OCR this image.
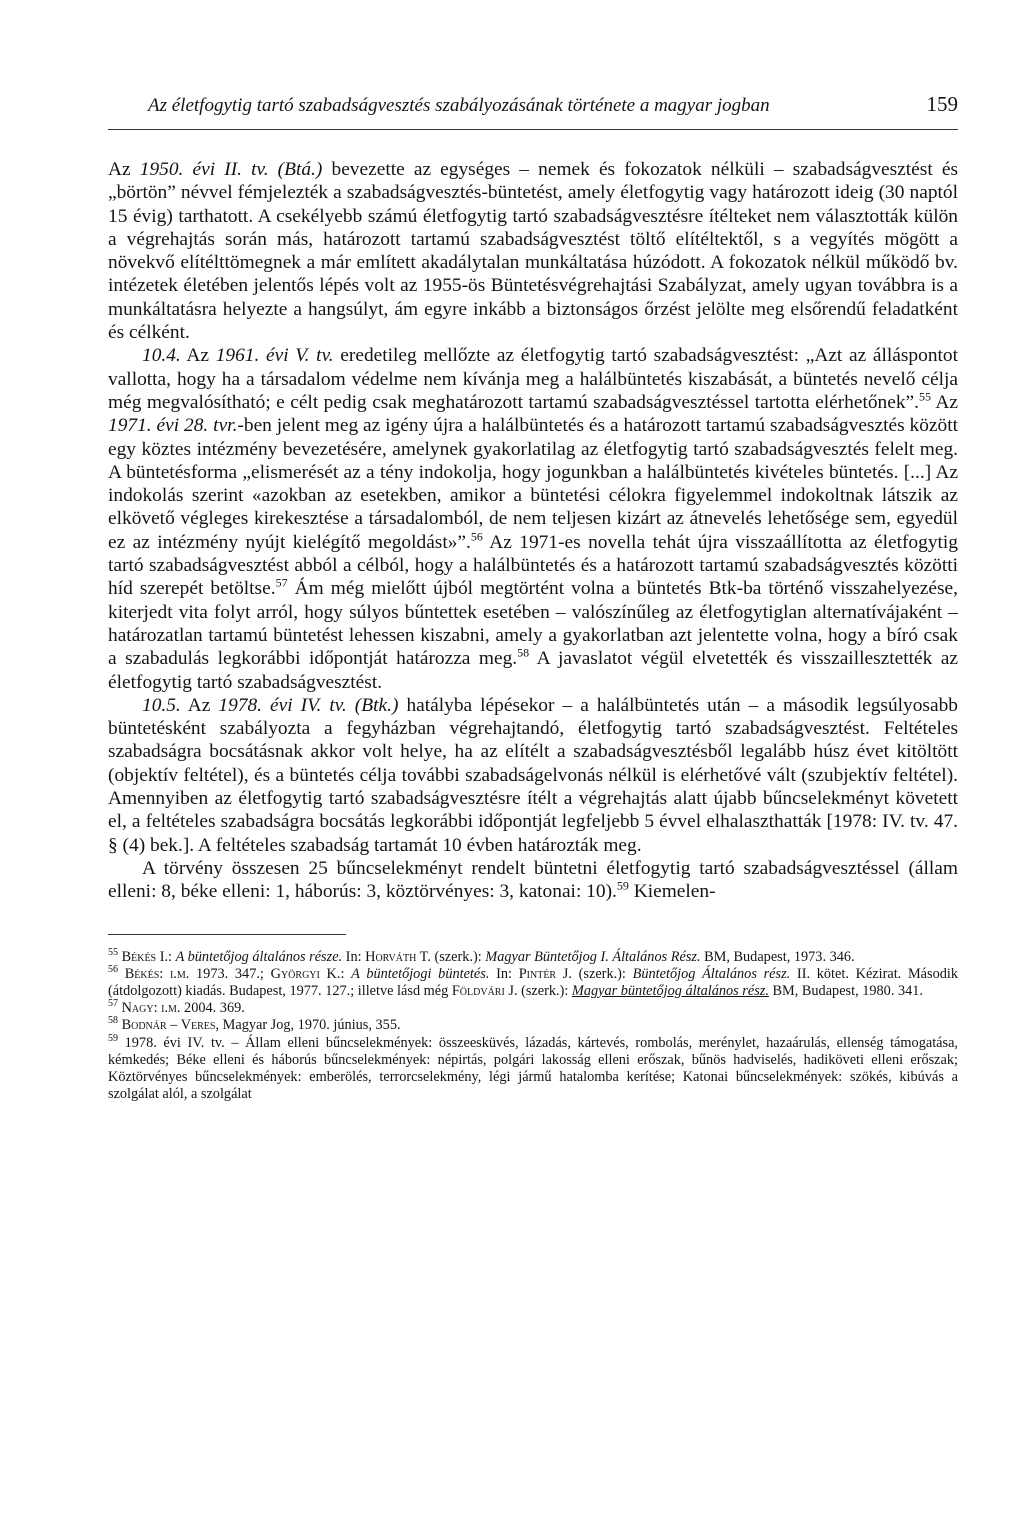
Az életfogytig tartó szabadságvesztés szabályozásának története a magyar jogban	159

Az 1950. évi II. tv. (Btá.) bevezette az egységes – nemek és fokozatok nélküli – szabadságvesztést és „börtön” névvel fémjelezték a szabadságvesztés-büntetést, amely életfogytig vagy határozott ideig (30 naptól 15 évig) tarthatott. A csekélyebb számú életfogytig tartó szabadságvesztésre ítélteket nem választották külön a végrehajtás során más, határozott tartamú szabadságvesztést töltő elítéltektől, s a vegyítés mögött a növekvő elítélttömegnek a már említett akadálytalan munkáltatása húzódott. A fokozatok nélkül működő bv. intézetek életében jelentős lépés volt az 1955-ös Büntetésvégrehajtási Szabályzat, amely ugyan továbbra is a munkáltatásra helyezte a hangsúlyt, ám egyre inkább a biztonságos őrzést jelölte meg elsőrendű feladatként és célként.

10.4. Az 1961. évi V. tv. eredetileg mellőzte az életfogytig tartó szabadságvesztést: „Azt az álláspontot vallotta, hogy ha a társadalom védelme nem kívánja meg a halálbüntetés kiszabását, a büntetés nevelő célja még megvalósítható; e célt pedig csak meghatározott tartamú szabadságvesztéssel tartotta elérhetőnek”.$^{55}$ Az 1971. évi 28. tvr.-ben jelent meg az igény újra a halálbüntetés és a határozott tartamú szabadságvesztés között egy köztes intézmény bevezetésére, amelynek gyakorlatilag az életfogytig tartó szabadságvesztés felelt meg. A büntetésforma „elismerését az a tény indokolja, hogy jogunkban a halálbüntetés kivételes büntetés. [...] Az indokolás szerint «azokban az esetekben, amikor a büntetési célokra figyelemmel indokoltnak látszik az elkövető végleges kirekesztése a társadalomból, de nem teljesen kizárt az átnevelés lehetősége sem, egyedül ez az intézmény nyújt kielégítő megoldást»”.$^{56}$ Az 1971-es novella tehát újra visszaállította az életfogytig tartó szabadságvesztést abból a célból, hogy a halálbüntetés és a határozott tartamú szabadságvesztés közötti híd szerepét betöltse.$^{57}$ Ám még mielőtt újból megtörtént volna a büntetés Btk-ba történő visszahelyezése, kiterjedt vita folyt arról, hogy súlyos bűntettek esetében – valószínűleg az életfogytiglan alternatívájaként – határozatlan tartamú büntetést lehessen kiszabni, amely a gyakorlatban azt jelentette volna, hogy a bíró csak a szabadulás legkorábbi időpontját határozza meg.$^{58}$ A javaslatot végül elvetették és visszaillesztették az életfogytig tartó szabadságvesztést.

10.5. Az 1978. évi IV. tv. (Btk.) hatályba lépésekor – a halálbüntetés után – a második legsúlyosabb büntetésként szabályozta a fegyházban végrehajtandó, életfogytig tartó szabadságvesztést. Feltételes szabadságra bocsátásnak akkor volt helye, ha az elítélt a szabadságvesztésből legalább húsz évet kitöltött (objektív feltétel), és a büntetés célja további szabadságelvonás nélkül is elérhetővé vált (szubjektív feltétel). Amennyiben az életfogytig tartó szabadságvesztésre ítélt a végrehajtás alatt újabb bűncselekményt követett el, a feltételes szabadságra bocsátás legkorábbi időpontját legfeljebb 5 évvel elhalaszthatták [1978: IV. tv. 47. § (4) bek.]. A feltételes szabadság tartamát 10 évben határozták meg.

A törvény összesen 25 bűncselekményt rendelt büntetni életfogytig tartó szabadságvesztéssel (állam elleni: 8, béke elleni: 1, háborús: 3, köztörvényes: 3, katonai: 10).$^{59}$ Kiemelen-

$^{55}$ Békés I.: A büntetőjog általános része. In: Horváth T. (szerk.): Magyar Büntetőjog I. Általános Rész. BM, Budapest, 1973. 346.

$^{56}$ Békés: i.m. 1973. 347.; Györgyi K.: A büntetőjogi büntetés. In: Pintér J. (szerk.): Büntetőjog Általános rész. II. kötet. Kézirat. Második (átdolgozott) kiadás. Budapest, 1977. 127.; illetve lásd még Földvári J. (szerk.): Magyar büntetőjog általános rész. BM, Budapest, 1980. 341.

$^{57}$ Nagy: i.m. 2004. 369.

$^{58}$ Bodnár – Veres, Magyar Jog, 1970. június, 355.

$^{59}$ 1978. évi IV. tv. – Állam elleni bűncselekmények: összeesküvés, lázadás, kártevés, rombolás, merénylet, hazaárulás, ellenség támogatása, kémkedés; Béke elleni és háborús bűncselekmények: népirtás, polgári lakosság elleni erőszak, bűnös hadviselés, hadiköveti elleni erőszak; Köztörvényes bűncselekmények: emberölés, terrorcselekmény, légi jármű hatalomba kerítése; Katonai bűncselekmények: szökés, kibúvás a szolgálat alól, a szolgálat
